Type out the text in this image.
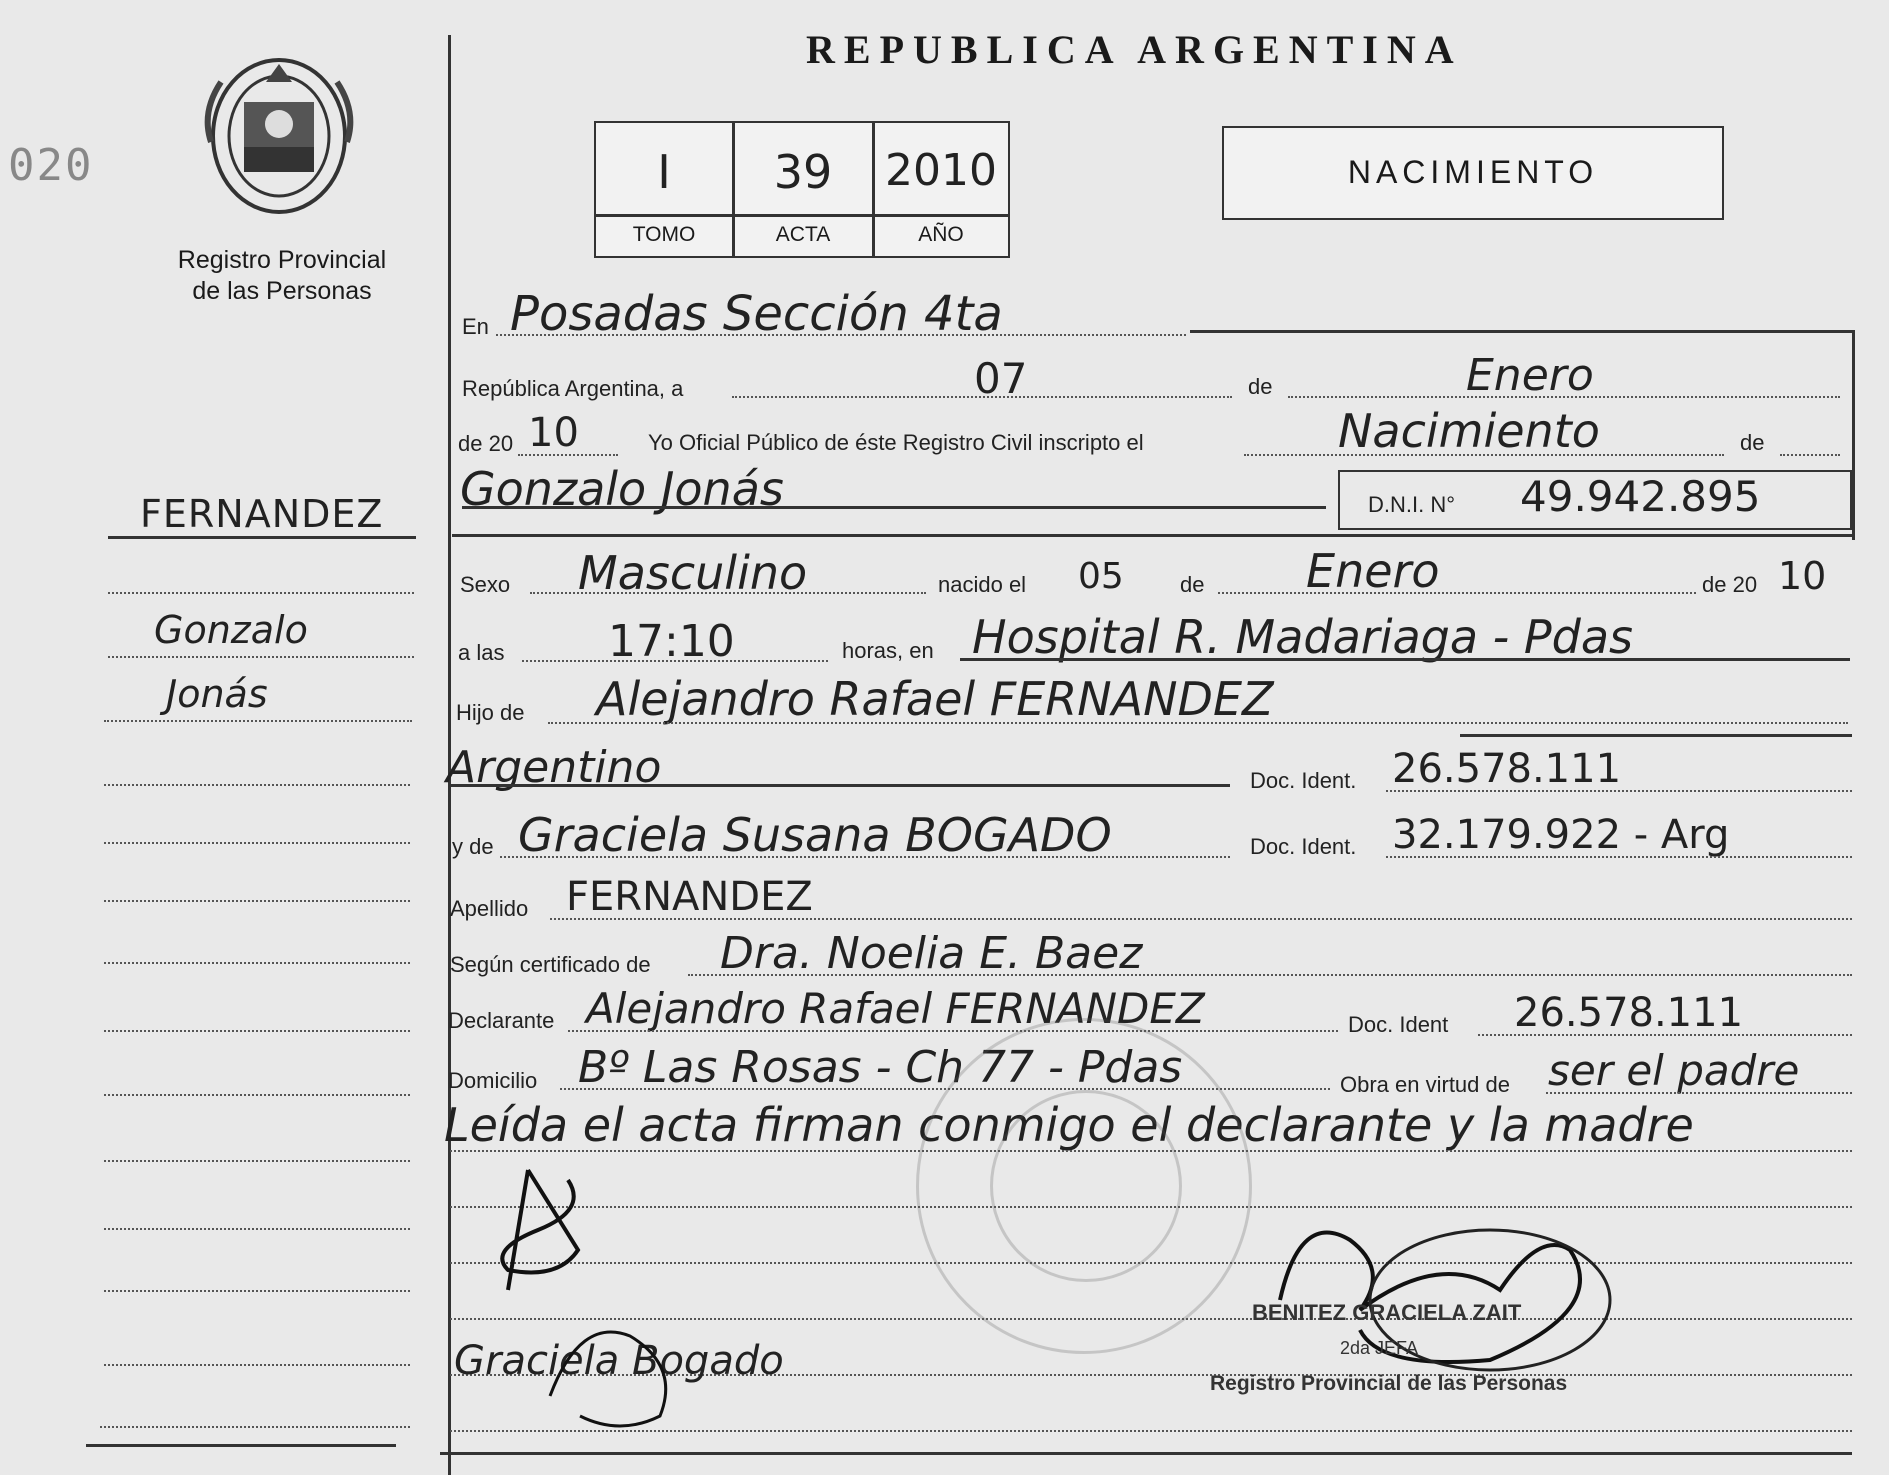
020
Registro Provincial
de las Personas
REPUBLICA ARGENTINA
I	39	2010
TOMO	ACTA	AÑO
NACIMIENTO
FERNANDEZ
Gonzalo
Jonás
En Posadas Sección 4ta
República Argentina, a	07	de	Enero
de 20 10	Yo Oficial Público de éste Registro Civil inscripto el	Nacimiento	de
Gonzalo Jonás	D.N.I. N° 49.942.895
Sexo Masculino	nacido el 05	de Enero	de 20 10
a las 17:10	horas, en Hospital R. Madariaga - Pdas
Hijo de Alejandro Rafael FERNANDEZ
Argentino	Doc. Ident. 26.578.111
y de Graciela Susana BOGADO	Doc. Ident. 32.179.922 - Arg
Apellido FERNANDEZ
Según certificado de Dra. Noelia E. Baez
Declarante Alejandro Rafael FERNANDEZ	Doc. Ident 26.578.111
Domicilio Bº Las Rosas - Ch 77 - Pdas	Obra en virtud de ser el padre
Leída el acta firman conmigo el declarante y la madre
Graciela Bogado
BENITEZ GRACIELA ZAIT
2da JEFA
Registro Provincial de las Personas
